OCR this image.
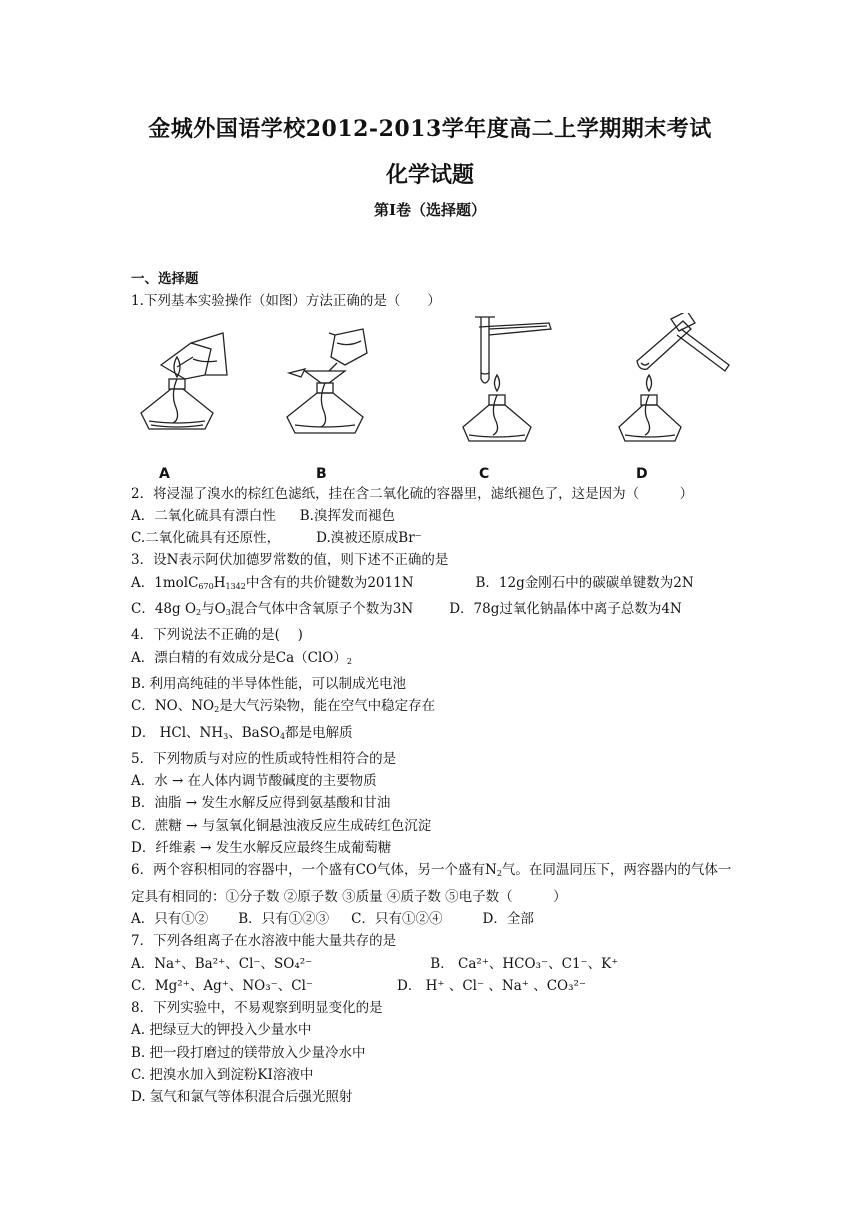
金城外国语学校2012-2013学年度高二上学期期末考试
化学试题
第Ⅰ卷（选择题）
一、选择题
1.下列基本实验操作（如图）方法正确的是（　　）
A	B	C	D
2．将浸湿了溴水的棕红色滤纸，挂在含二氧化硫的容器里，滤纸褪色了，这是因为（　　　）
A．二氧化硫具有漂白性 B.溴挥发而褪色
C.二氧化硫具有还原性，	D.溴被还原成Br⁻
3．设N表示阿伏加德罗常数的值，则下述不正确的是
A．$1molC_{670}H_{1342}$中含有的共价键数为2011N	B．12g金刚石中的碳碳单键数为2N
C．48g $O_2$与$O_3$混合气体中含氧原子个数为3N	D．78g过氧化钠晶体中离子总数为4N
4．下列说法不正确的是(　 )
A．漂白精的有效成分是$Ca(ClO)_2$
B. 利用高纯硅的半导体性能，可以制成光电池
C．NO、$NO_2$是大气污染物，能在空气中稳定存在
D． HCl、$NH_3$、BaSO$_4$都是电解质
5．下列物质与对应的性质或特性相符合的是
A．水 → 在人体内调节酸碱度的主要物质
B．油脂 → 发生水解反应得到氨基酸和甘油
C．蔗糖 → 与氢氧化铜悬浊液反应生成砖红色沉淀
D．纤维素 → 发生水解反应最终生成葡萄糖
6．两个容积相同的容器中，一个盛有CO气体，另一个盛有$N_2$气。在同温同压下，两容器内的气体一定具有相同的：①分子数 ②原子数 ③质量 ④质子数 ⑤电子数（　　　）
A．只有①② B．只有①②③ C．只有①②④	D．全部
7．下列各组离子在水溶液中能大量共存的是
A．Na⁺、Ba²⁺、Cl⁻、SO₄²⁻	B． Ca²⁺、HCO₃⁻、C1⁻、K⁺
C．Mg²⁺、Ag⁺、NO₃⁻、Cl⁻	D． H⁺ 、Cl⁻ 、Na⁺ 、CO₃²⁻
8．下列实验中，不易观察到明显变化的是
A. 把绿豆大的钾投入少量水中
B. 把一段打磨过的镁带放入少量冷水中
C. 把溴水加入到淀粉KI溶液中
D. 氢气和氯气等体积混合后强光照射
